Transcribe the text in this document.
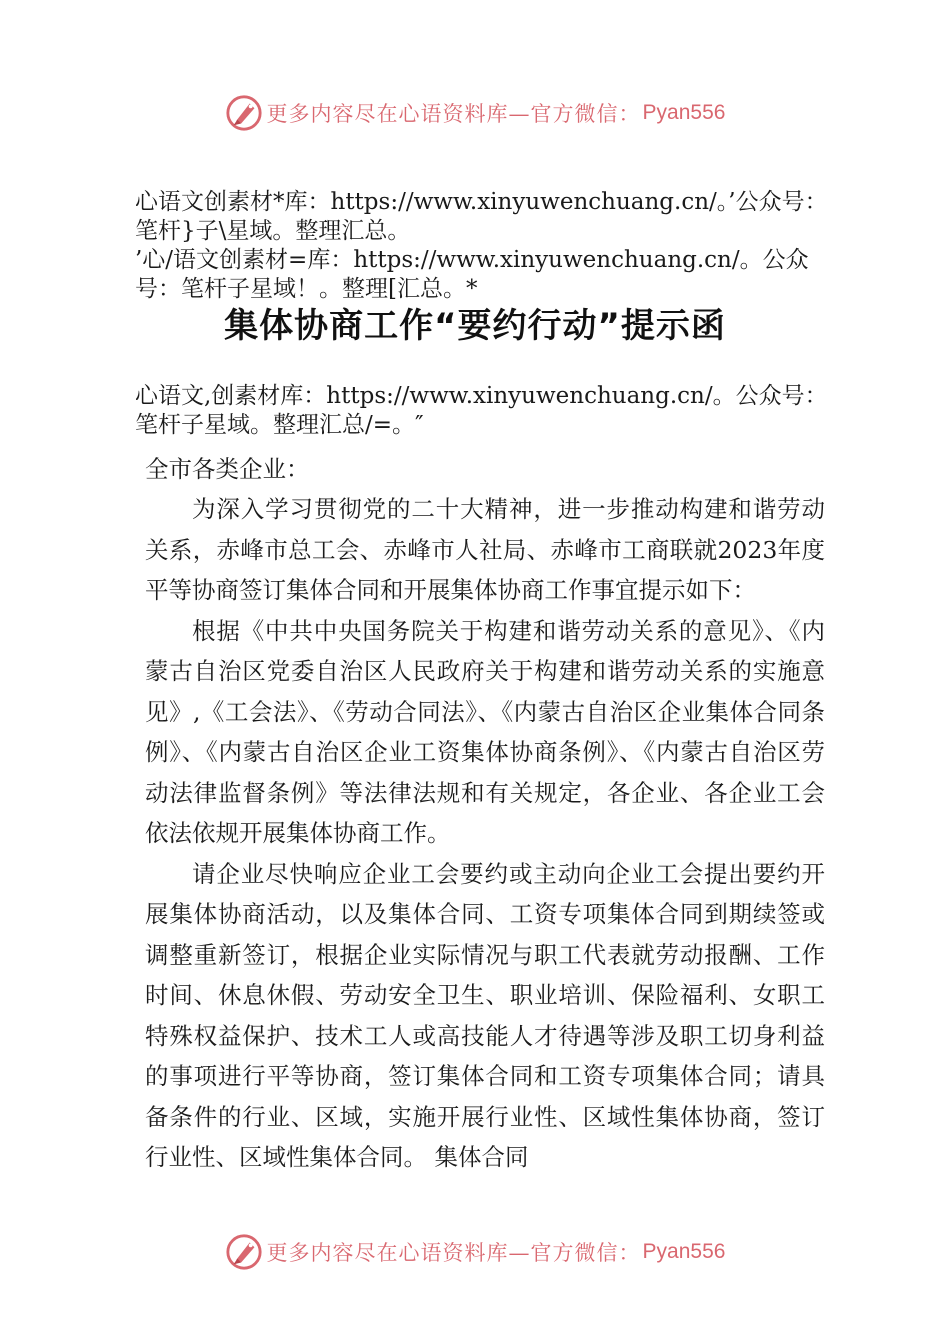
更多内容尽在心语资料库—官方微信： Pyan556
心语文创素材*库：https://www.xinyuwenchuang.cn/。’公众号：笔杆}子\星域。整理汇总。
’心/语文创素材=库：https://www.xinyuwenchuang.cn/。公众号：笔杆子星域！。整理[汇总。*
集体协商工作“要约行动”提示函
心语文,创素材库：https://www.xinyuwenchuang.cn/。公众号：笔杆子星域。整理汇总/=。″
全市各类企业：

为深入学习贯彻党的二十大精神，进一步推动构建和谐劳动关系，赤峰市总工会、赤峰市人社局、赤峰市工商联就2023年度平等协商签订集体合同和开展集体协商工作事宜提示如下：

根据《中共中央国务院关于构建和谐劳动关系的意见》、《内蒙古自治区党委自治区人民政府关于构建和谐劳动关系的实施意见》,《工会法》、《劳动合同法》、《内蒙古自治区企业集体合同条例》、《内蒙古自治区企业工资集体协商条例》、《内蒙古自治区劳动法律监督条例》等法律法规和有关规定，各企业、各企业工会依法依规开展集体协商工作。

请企业尽快响应企业工会要约或主动向企业工会提出要约开展集体协商活动，以及集体合同、工资专项集体合同到期续签或调整重新签订，根据企业实际情况与职工代表就劳动报酬、工作时间、休息休假、劳动安全卫生、职业培训、保险福利、女职工特殊权益保护、技术工人或高技能人才待遇等涉及职工切身利益的事项进行平等协商，签订集体合同和工资专项集体合同；请具备条件的行业、区域，实施开展行业性、区域性集体协商，签订行业性、区域性集体合同。 集体合同

更多内容尽在心语资料库—官方微信： Pyan556
